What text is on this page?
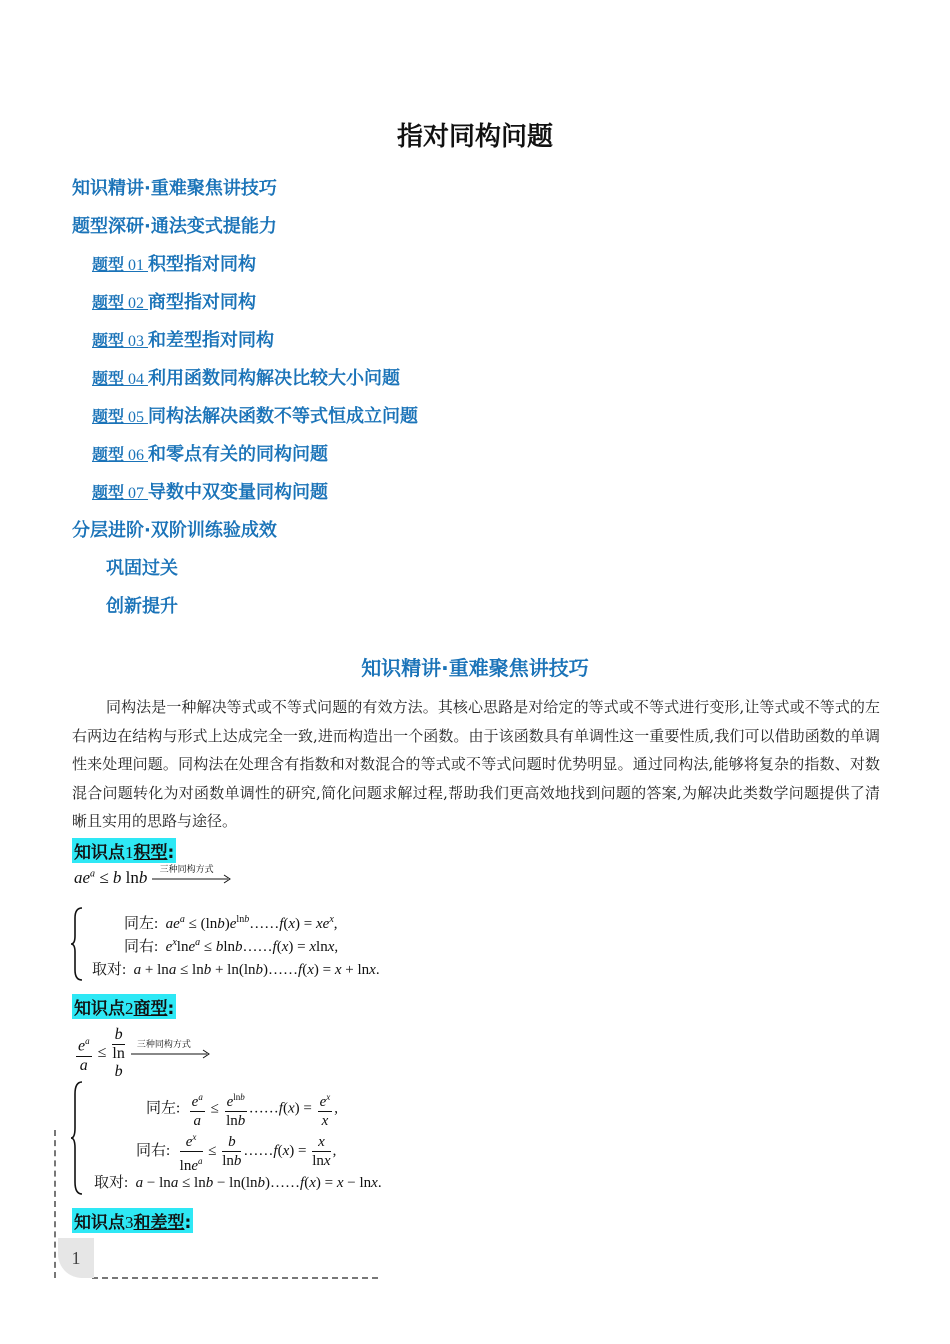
指对同构问题
知识精讲·重难聚焦讲技巧
题型深研·通法变式提能力
题型 01 积型指对同构
题型 02 商型指对同构
题型 03 和差型指对同构
题型 04 利用函数同构解决比较大小问题
题型 05 同构法解决函数不等式恒成立问题
题型 06 和零点有关的同构问题
题型 07 导数中双变量同构问题
分层进阶·双阶训练验成效
巩固过关
创新提升
知识精讲·重难聚焦讲技巧
同构法是一种解决等式或不等式问题的有效方法。其核心思路是对给定的等式或不等式进行变形,让等式或不等式的左右两边在结构与形式上达成完全一致,进而构造出一个函数。由于该函数具有单调性这一重要性质,我们可以借助函数的单调性来处理问题。同构法在处理含有指数和对数混合的等式或不等式问题时优势明显。通过同构法,能够将复杂的指数、对数混合问题转化为对函数单调性的研究,简化问题求解过程,帮助我们更高效地找到问题的答案,为解决此类数学问题提供了清晰且实用的思路与途径。
知识点1积型:
$ae^a \le b$ lnb 三种同构方式
同左: $ae^a$ ≤ $(\ln b)e^{lnb}\dots\dots f(x) = xe^x$,
同右: $e^x\ln e^a$ ≤ blnb……f(x) = xlnx,
取对: a + lna ≤ lnb + ln(lnb)……f(x) = x + lnx.
知识点2商型:
$\frac{e^a}{a} \le b$
ln
b
三种同构方式
同左: $\frac{e^a}{a} \le \frac{e^{lnb}}{\ln b}$ ……f(x) = $\frac{e^x}{x}$ ,
同右: $\frac{e^x}{\ln e^a} \le \frac{b}{\ln b}$ ……f(x) = $\frac{x}{\ln x}$ ,
取对: a − lna ≤ lnb − ln(lnb)……f(x) = x − lnx.
知识点3和差型:
1
